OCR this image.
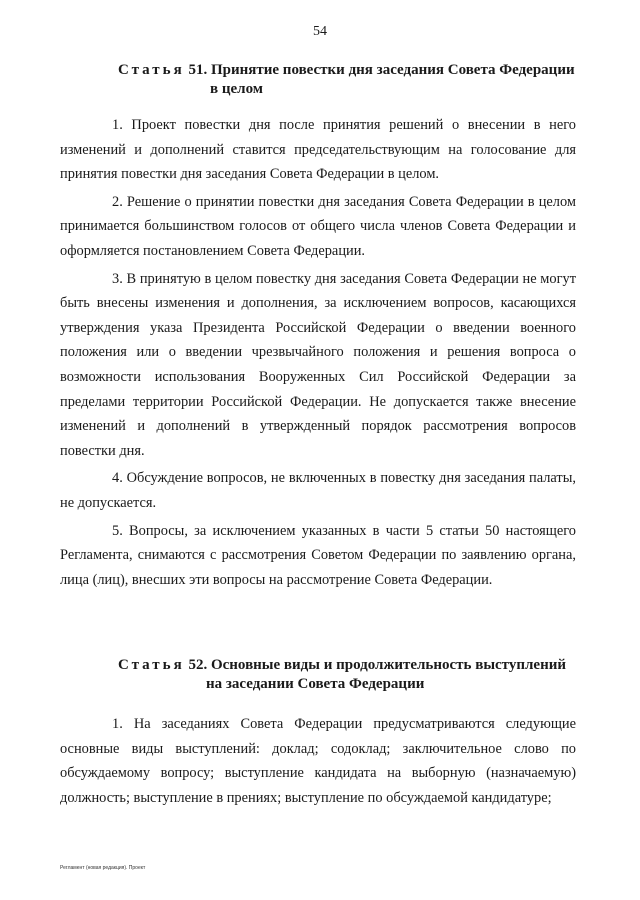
54
Статья 51. Принятие повестки дня заседания Совета Федерации
в целом

1. Проект повестки дня после принятия решений о внесении в него изменений и дополнений ставится председательствующим на голосование для принятия повестки дня заседания Совета Федерации в целом.

2. Решение о принятии повестки дня заседания Совета Федерации в целом принимается большинством голосов от общего числа членов Совета Федерации и оформляется постановлением Совета Федерации.

3. В принятую в целом повестку дня заседания Совета Федерации не могут быть внесены изменения и дополнения, за исключением вопросов, касающихся утверждения указа Президента Российской Федерации о введении военного положения или о введении чрезвычайного положения и решения вопроса о возможности использования Вооруженных Сил Российской Федерации за пределами территории Российской Федерации. Не допускается также внесение изменений и дополнений в утвержденный порядок рассмотрения вопросов повестки дня.

4. Обсуждение вопросов, не включенных в повестку дня заседания палаты, не допускается.

5. Вопросы, за исключением указанных в части 5 статьи 50 настоящего Регламента, снимаются с рассмотрения Советом Федерации по заявлению органа, лица (лиц), внесших эти вопросы на рассмотрение Совета Федерации.

Статья 52. Основные виды и продолжительность выступлений
на заседании Совета Федерации

1. На заседаниях Совета Федерации предусматриваются следующие основные виды выступлений: доклад; содоклад; заключительное слово по обсуждаемому вопросу; выступление кандидата на выборную (назначаемую) должность; выступление в прениях; выступление по обсуждаемой кандидатуре;

Регламент (новая редакция). Проект
